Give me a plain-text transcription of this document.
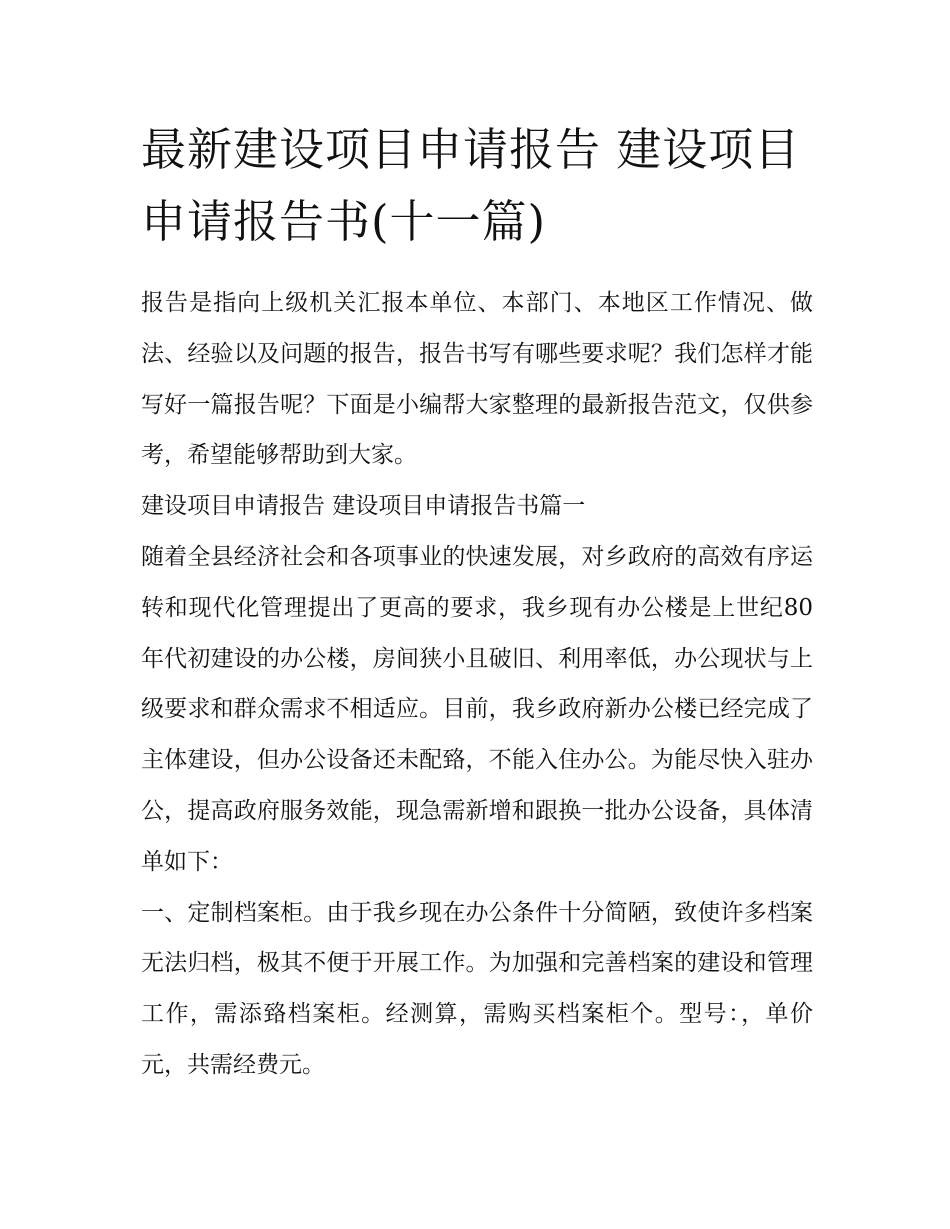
最新建设项目申请报告 建设项目申请报告书(十一篇)

报告是指向上级机关汇报本单位、本部门、本地区工作情况、做法、经验以及问题的报告，报告书写有哪些要求呢？我们怎样才能写好一篇报告呢？下面是小编帮大家整理的最新报告范文，仅供参考，希望能够帮助到大家。

建设项目申请报告 建设项目申请报告书篇一

随着全县经济社会和各项事业的快速发展，对乡政府的高效有序运转和现代化管理提出了更高的要求，我乡现有办公楼是上世纪80年代初建设的办公楼，房间狭小且破旧、利用率低，办公现状与上级要求和群众需求不相适应。目前，我乡政府新办公楼已经完成了主体建设，但办公设备还未配臵，不能入住办公。为能尽快入驻办公，提高政府服务效能，现急需新增和跟换一批办公设备，具体清单如下：

一、定制档案柜。由于我乡现在办公条件十分简陋，致使许多档案无法归档，极其不便于开展工作。为加强和完善档案的建设和管理工作，需添臵档案柜。经测算，需购买档案柜个。型号：，单价元，共需经费元。
